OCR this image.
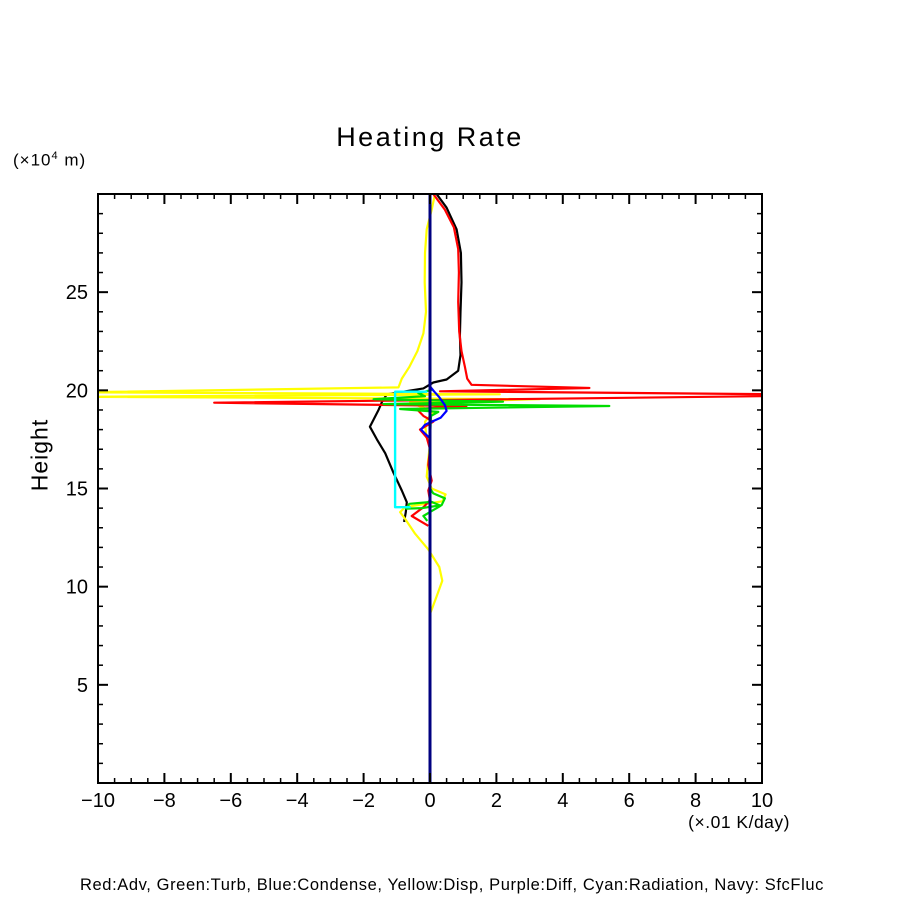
Heating Rate
($\times 10^4$ m)
Height
(×.01 K/day)
Red:Adv, Green:Turb, Blue:Condense, Yellow:Disp, Purple:Diff, Cyan:Radiation, Navy: SfcFluc
−10 −8 −6 −4 −2 0	2	4	6	8 10
5
10
15
20
25
